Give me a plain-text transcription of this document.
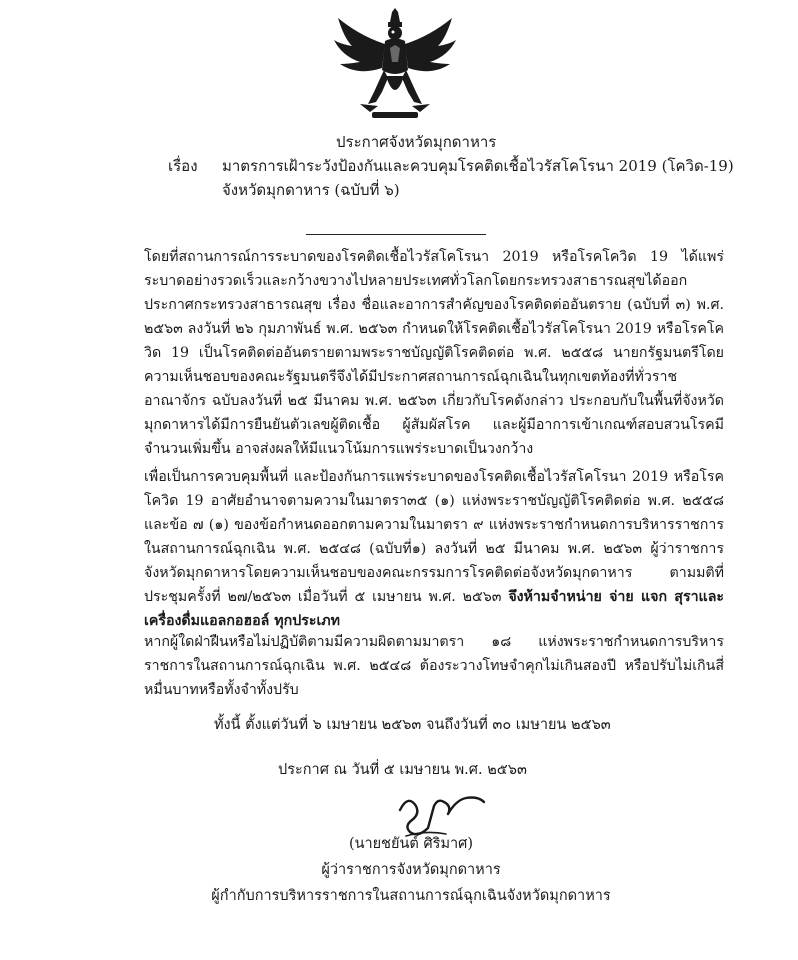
ประกาศจังหวัดมุกดาหาร
เรื่อง มาตรการเฝ้าระวังป้องกันและควบคุมโรคติดเชื้อไวรัสโคโรนา 2019 (โควิด-19)
จังหวัดมุกดาหาร (ฉบับที่ ๖)
โดยที่สถานการณ์การระบาดของโรคติดเชื้อไวรัสโคโรนา 2019 หรือโรคโควิด 19 ได้แพร่ระบาดอย่างรวดเร็วและกว้างขวางไปหลายประเทศทั่วโลกโดยกระทรวงสาธารณสุขได้ออกประกาศกระทรวงสาธารณสุข เรื่อง ชื่อและอาการสำคัญของโรคติดต่ออันตราย (ฉบับที่ ๓) พ.ศ. ๒๕๖๓ ลงวันที่ ๒๖ กุมภาพันธ์ พ.ศ. ๒๕๖๓ กำหนดให้โรคติดเชื้อไวรัสโคโรนา 2019 หรือโรคโควิด 19 เป็นโรคติดต่ออันตรายตามพระราชบัญญัติโรคติดต่อ พ.ศ. ๒๕๕๘ นายกรัฐมนตรีโดยความเห็นชอบของคณะรัฐมนตรีจึงได้มีประกาศสถานการณ์ฉุกเฉินในทุกเขตท้องที่ทั่วราชอาณาจักร ฉบับลงวันที่ ๒๕ มีนาคม พ.ศ. ๒๕๖๓ เกี่ยวกับโรคดังกล่าว ประกอบกับในพื้นที่จังหวัดมุกดาหารได้มีการยืนยันตัวเลขผู้ติดเชื้อ ผู้สัมผัสโรค และผู้มีอาการเข้าเกณฑ์สอบสวนโรคมีจำนวนเพิ่มขึ้น อาจส่งผลให้มีแนวโน้มการแพร่ระบาดเป็นวงกว้าง
เพื่อเป็นการควบคุมพื้นที่ และป้องกันการแพร่ระบาดของโรคติดเชื้อไวรัสโคโรนา 2019 หรือโรคโควิด 19 อาศัยอำนาจตามความในมาตรา๓๕ (๑) แห่งพระราชบัญญัติโรคติดต่อ พ.ศ. ๒๕๕๘ และข้อ ๗ (๑) ของข้อกำหนดออกตามความในมาตรา ๙ แห่งพระราชกำหนดการบริหารราชการในสถานการณ์ฉุกเฉิน พ.ศ. ๒๕๔๘ (ฉบับที่๑) ลงวันที่ ๒๕ มีนาคม พ.ศ. ๒๕๖๓ ผู้ว่าราชการจังหวัดมุกดาหารโดยความเห็นชอบของคณะกรรมการโรคติดต่อจังหวัดมุกดาหาร ตามมติที่ประชุมครั้งที่ ๒๗/๒๕๖๓ เมื่อวันที่ ๕ เมษายน พ.ศ. ๒๕๖๓ จึงห้ามจำหน่าย จ่าย แจก สุราและเครื่องดื่มแอลกอฮอล์ ทุกประเภท
หากผู้ใดฝ่าฝืนหรือไม่ปฏิบัติตามมีความผิดตามมาตรา ๑๘ แห่งพระราชกำหนดการบริหารราชการในสถานการณ์ฉุกเฉิน พ.ศ. ๒๕๔๘ ต้องระวางโทษจำคุกไม่เกินสองปี หรือปรับไม่เกินสี่หมื่นบาทหรือทั้งจำทั้งปรับ
ทั้งนี้ ตั้งแต่วันที่ ๖ เมษายน ๒๕๖๓ จนถึงวันที่ ๓๐ เมษายน ๒๕๖๓
ประกาศ ณ วันที่ ๕ เมษายน พ.ศ. ๒๕๖๓
(นายชยันต์ ศิริมาศ)
ผู้ว่าราชการจังหวัดมุกดาหาร
ผู้กำกับการบริหารราชการในสถานการณ์ฉุกเฉินจังหวัดมุกดาหาร
